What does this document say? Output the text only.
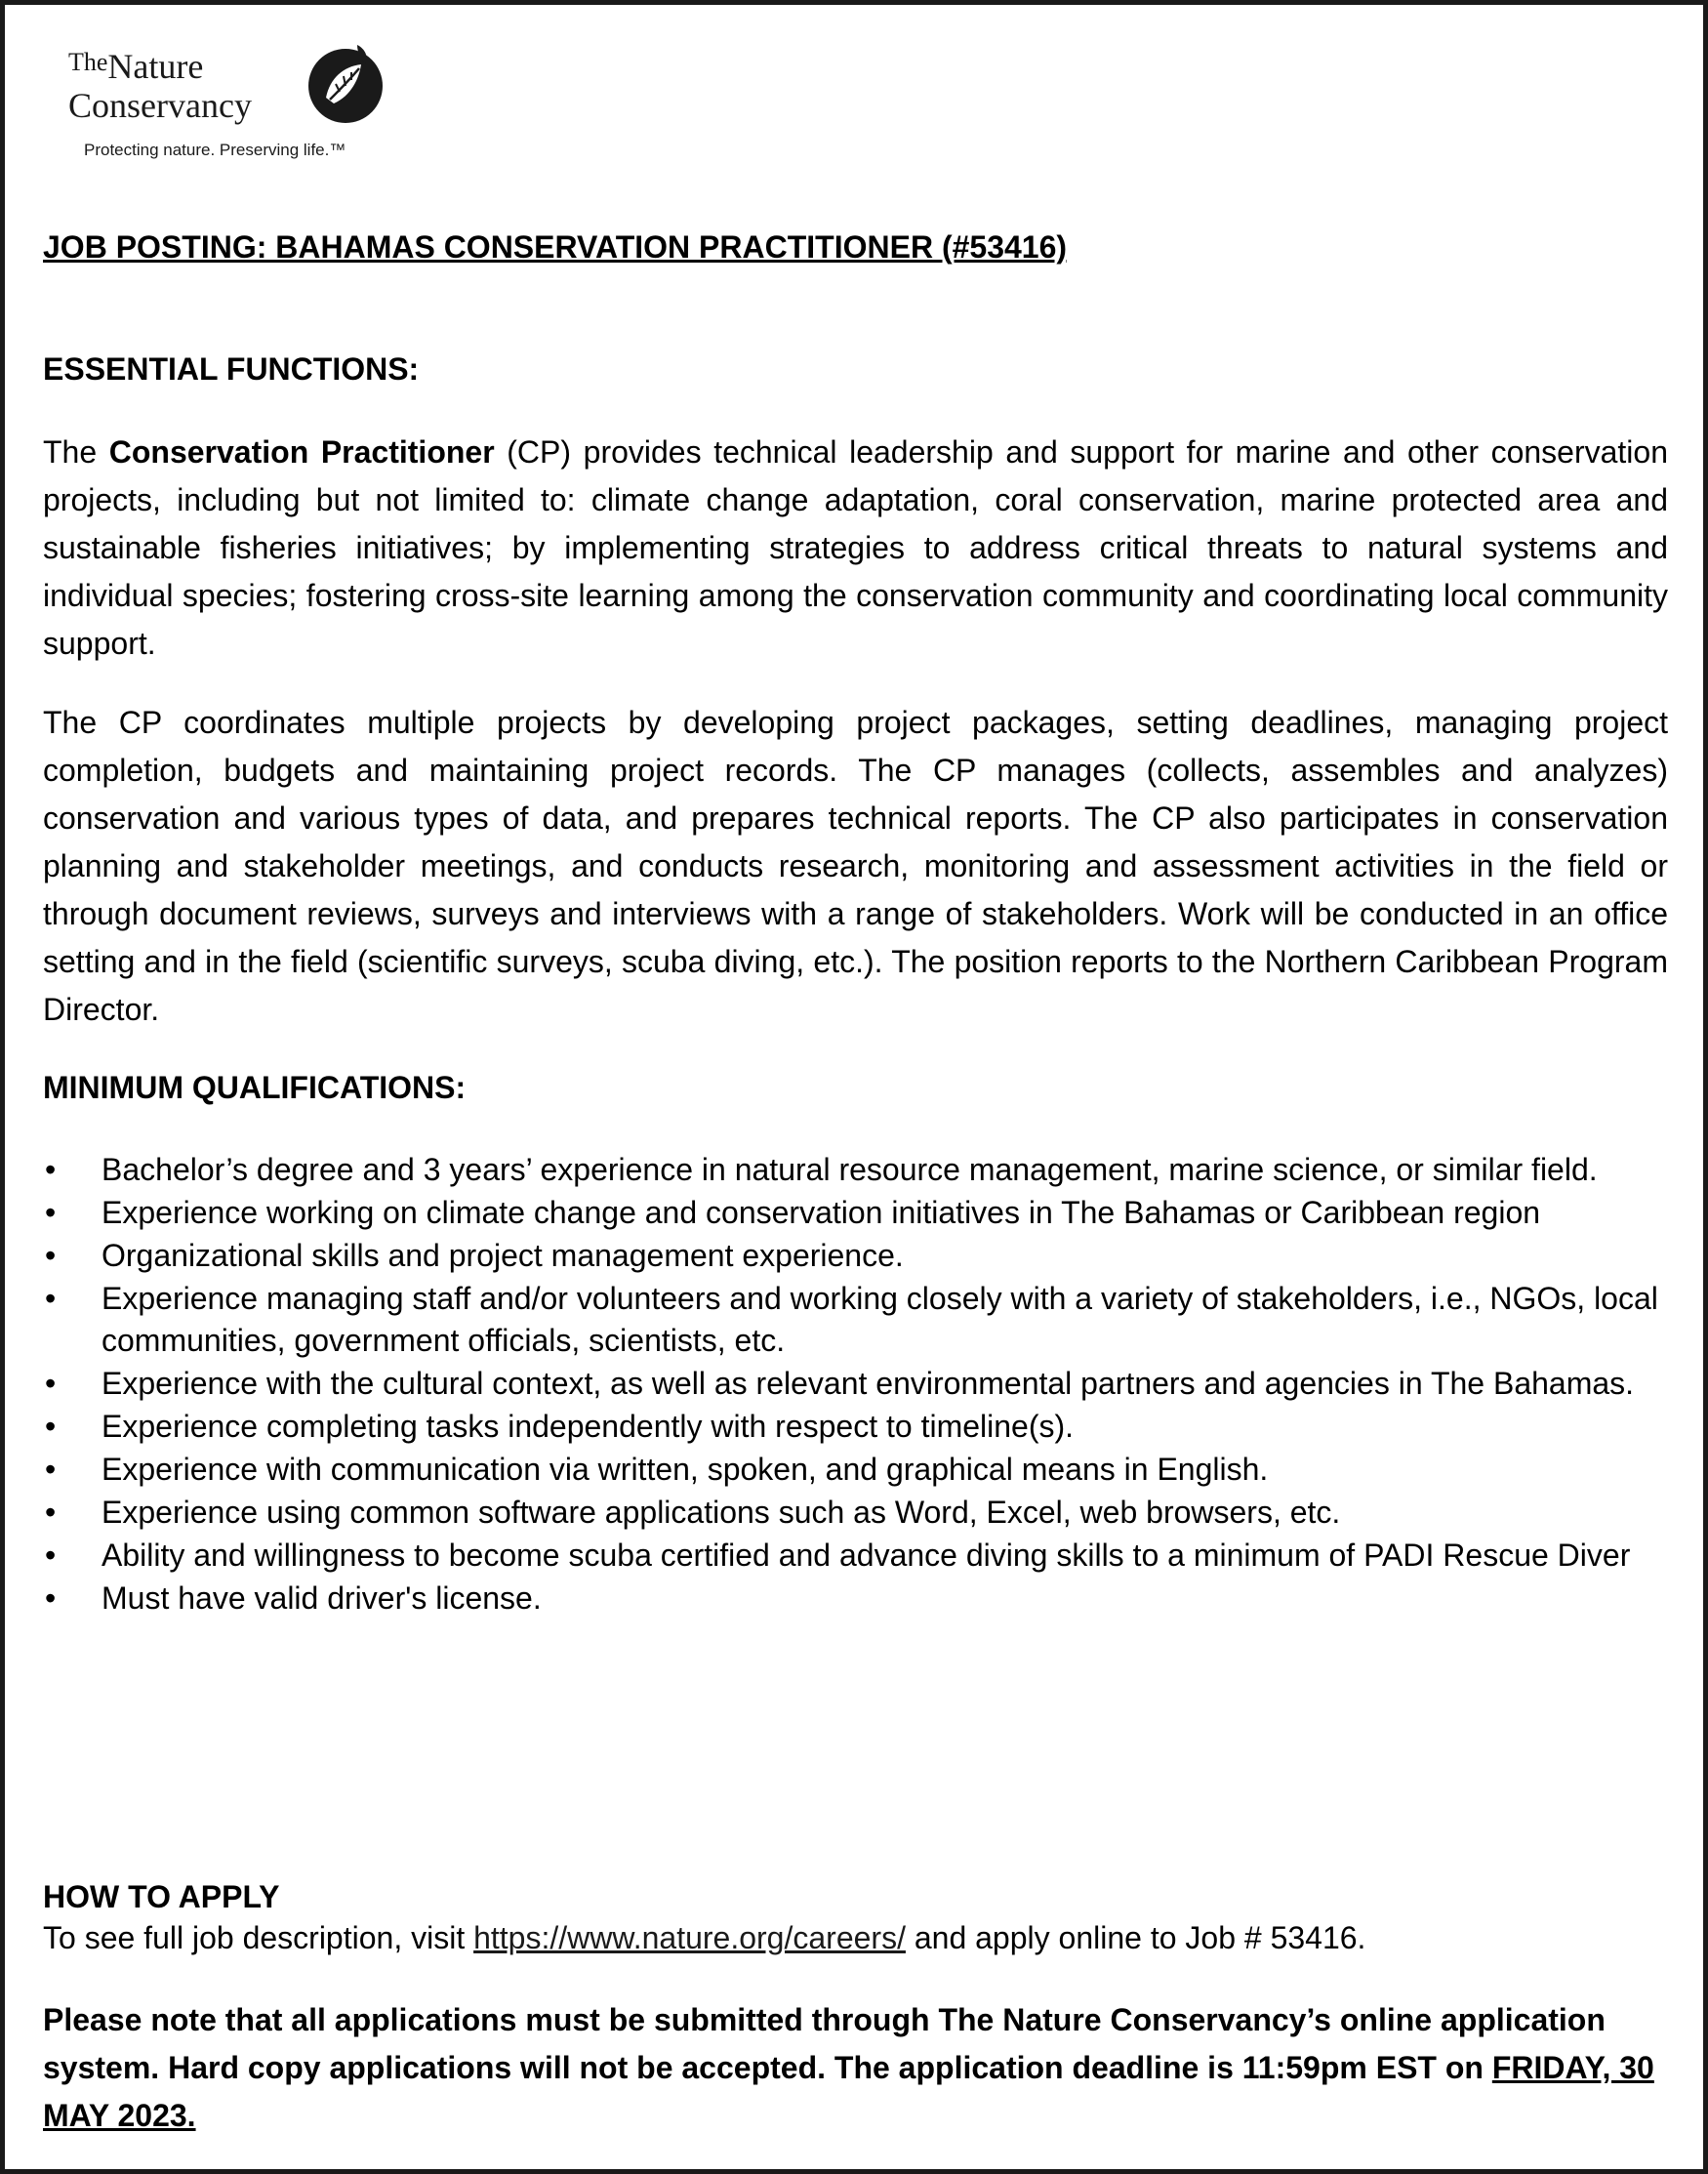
$^{The}$Nature
Conservancy
Protecting nature. Preserving life.™
JOB POSTING: BAHAMAS CONSERVATION PRACTITIONER (#53416)
ESSENTIAL FUNCTIONS:
The Conservation Practitioner (CP) provides technical leadership and support for marine and other conservation projects, including but not limited to: climate change adaptation, coral conservation, marine protected area and sustainable fisheries initiatives; by implementing strategies to address critical threats to natural systems and individual species; fostering cross-site learning among the conservation community and coordinating local community support.
The CP coordinates multiple projects by developing project packages, setting deadlines, managing project completion, budgets and maintaining project records. The CP manages (collects, assembles and analyzes) conservation and various types of data, and prepares technical reports. The CP also participates in conservation planning and stakeholder meetings, and conducts research, monitoring and assessment activities in the field or through document reviews, surveys and interviews with a range of stakeholders. Work will be conducted in an office setting and in the field (scientific surveys, scuba diving, etc.). The position reports to the Northern Caribbean Program Director.
MINIMUM QUALIFICATIONS:
• Bachelor’s degree and 3 years’ experience in natural resource management, marine science, or similar field.
• Experience working on climate change and conservation initiatives in The Bahamas or Caribbean region
• Organizational skills and project management experience.
• Experience managing staff and/or volunteers and working closely with a variety of stakeholders, i.e., NGOs, local communities, government officials, scientists, etc.
• Experience with the cultural context, as well as relevant environmental partners and agencies in The Bahamas.
• Experience completing tasks independently with respect to timeline(s).
• Experience with communication via written, spoken, and graphical means in English.
• Experience using common software applications such as Word, Excel, web browsers, etc.
• Ability and willingness to become scuba certified and advance diving skills to a minimum of PADI Rescue Diver
• Must have valid driver's license.
HOW TO APPLY
To see full job description, visit https://www.nature.org/careers/ and apply online to Job # 53416.
Please note that all applications must be submitted through The Nature Conservancy’s online application system. Hard copy applications will not be accepted. The application deadline is 11:59pm EST on FRIDAY, 30 MAY 2023.
